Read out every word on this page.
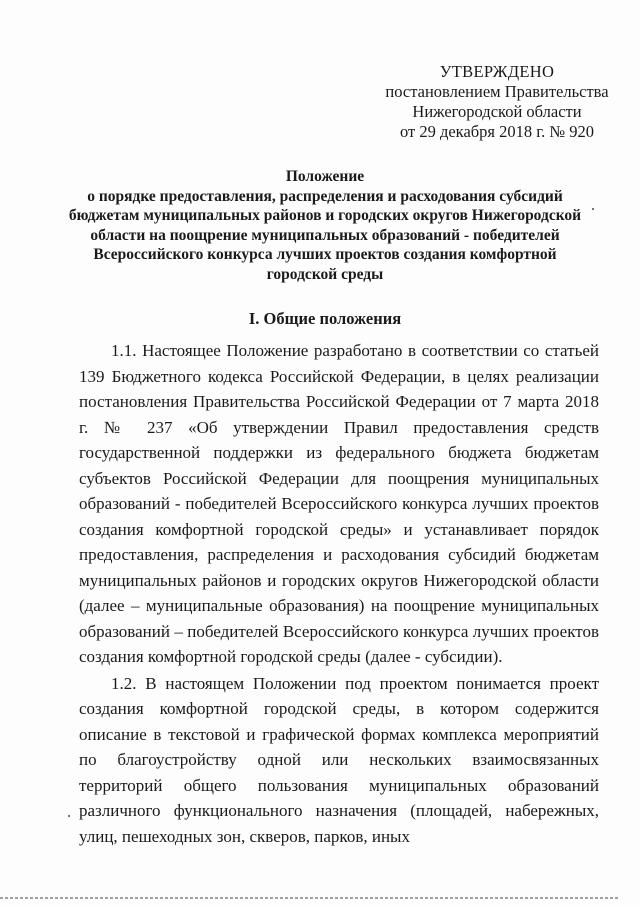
УТВЕРЖДЕНО
постановлением Правительства
Нижегородской области
от 29 декабря 2018 г. № 920
Положение
о порядке предоставления, распределения и расходования субсидий
бюджетам муниципальных районов и городских округов Нижегородской
области на поощрение муниципальных образований - победителей
Всероссийского конкурса лучших проектов создания комфортной
городской среды
I. Общие положения

1.1. Настоящее Положение разработано в соответствии со статьей 139 Бюджетного кодекса Российской Федерации, в целях реализации постановления Правительства Российской Федерации от 7 марта 2018 г. № 237 «Об утверждении Правил предоставления средств государственной поддержки из федерального бюджета бюджетам субъектов Российской Федерации для поощрения муниципальных образований - победителей Всероссийского конкурса лучших проектов создания комфортной городской среды» и устанавливает порядок предоставления, распределения и расходования субсидий бюджетам муниципальных районов и городских округов Нижегородской области (далее – муниципальные образования) на поощрение муниципальных образований – победителей Всероссийского конкурса лучших проектов создания комфортной городской среды (далее - субсидии).

1.2. В настоящем Положении под проектом понимается проект создания комфортной городской среды, в котором содержится описание в текстовой и графической формах комплекса мероприятий по благоустройству одной или нескольких взаимосвязанных территорий общего пользования муниципальных образований различного функционального назначения (площадей, набережных, улиц, пешеходных зон, скверов, парков, иных
